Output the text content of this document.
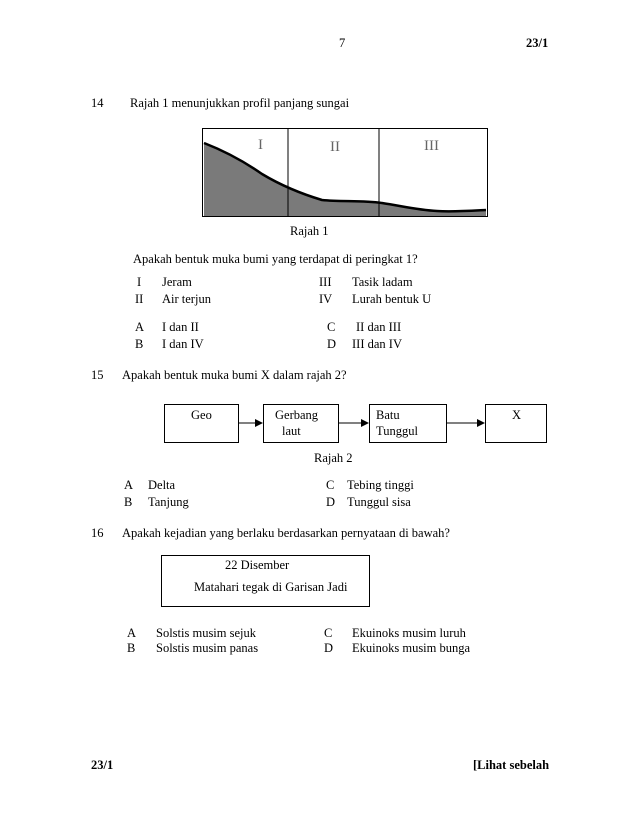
7	23/1
14 Rajah 1 menunjukkan profil panjang sungai
I	II	III
Rajah 1
Apakah bentuk muka bumi yang terdapat di peringkat 1?
I Jeram
II Air terjun
III Tasik ladam
IV Lurah bentuk U
A I dan II
B I dan IV
C II dan III
D III dan IV
15 Apakah bentuk muka bumi X dalam rajah 2?
Geo	Gerbang
laut
Batu
Tunggul
X
Rajah 2
A Delta
B Tanjung
C Tebing tinggi
D Tunggul sisa
16 Apakah kejadian yang berlaku berdasarkan pernyataan di bawah?
22 Disember
Matahari tegak di Garisan Jadi
A Solstis musim sejuk
B Solstis musim panas
C Ekuinoks musim luruh
D Ekuinoks musim bunga
23/1	[Lihat sebelah
